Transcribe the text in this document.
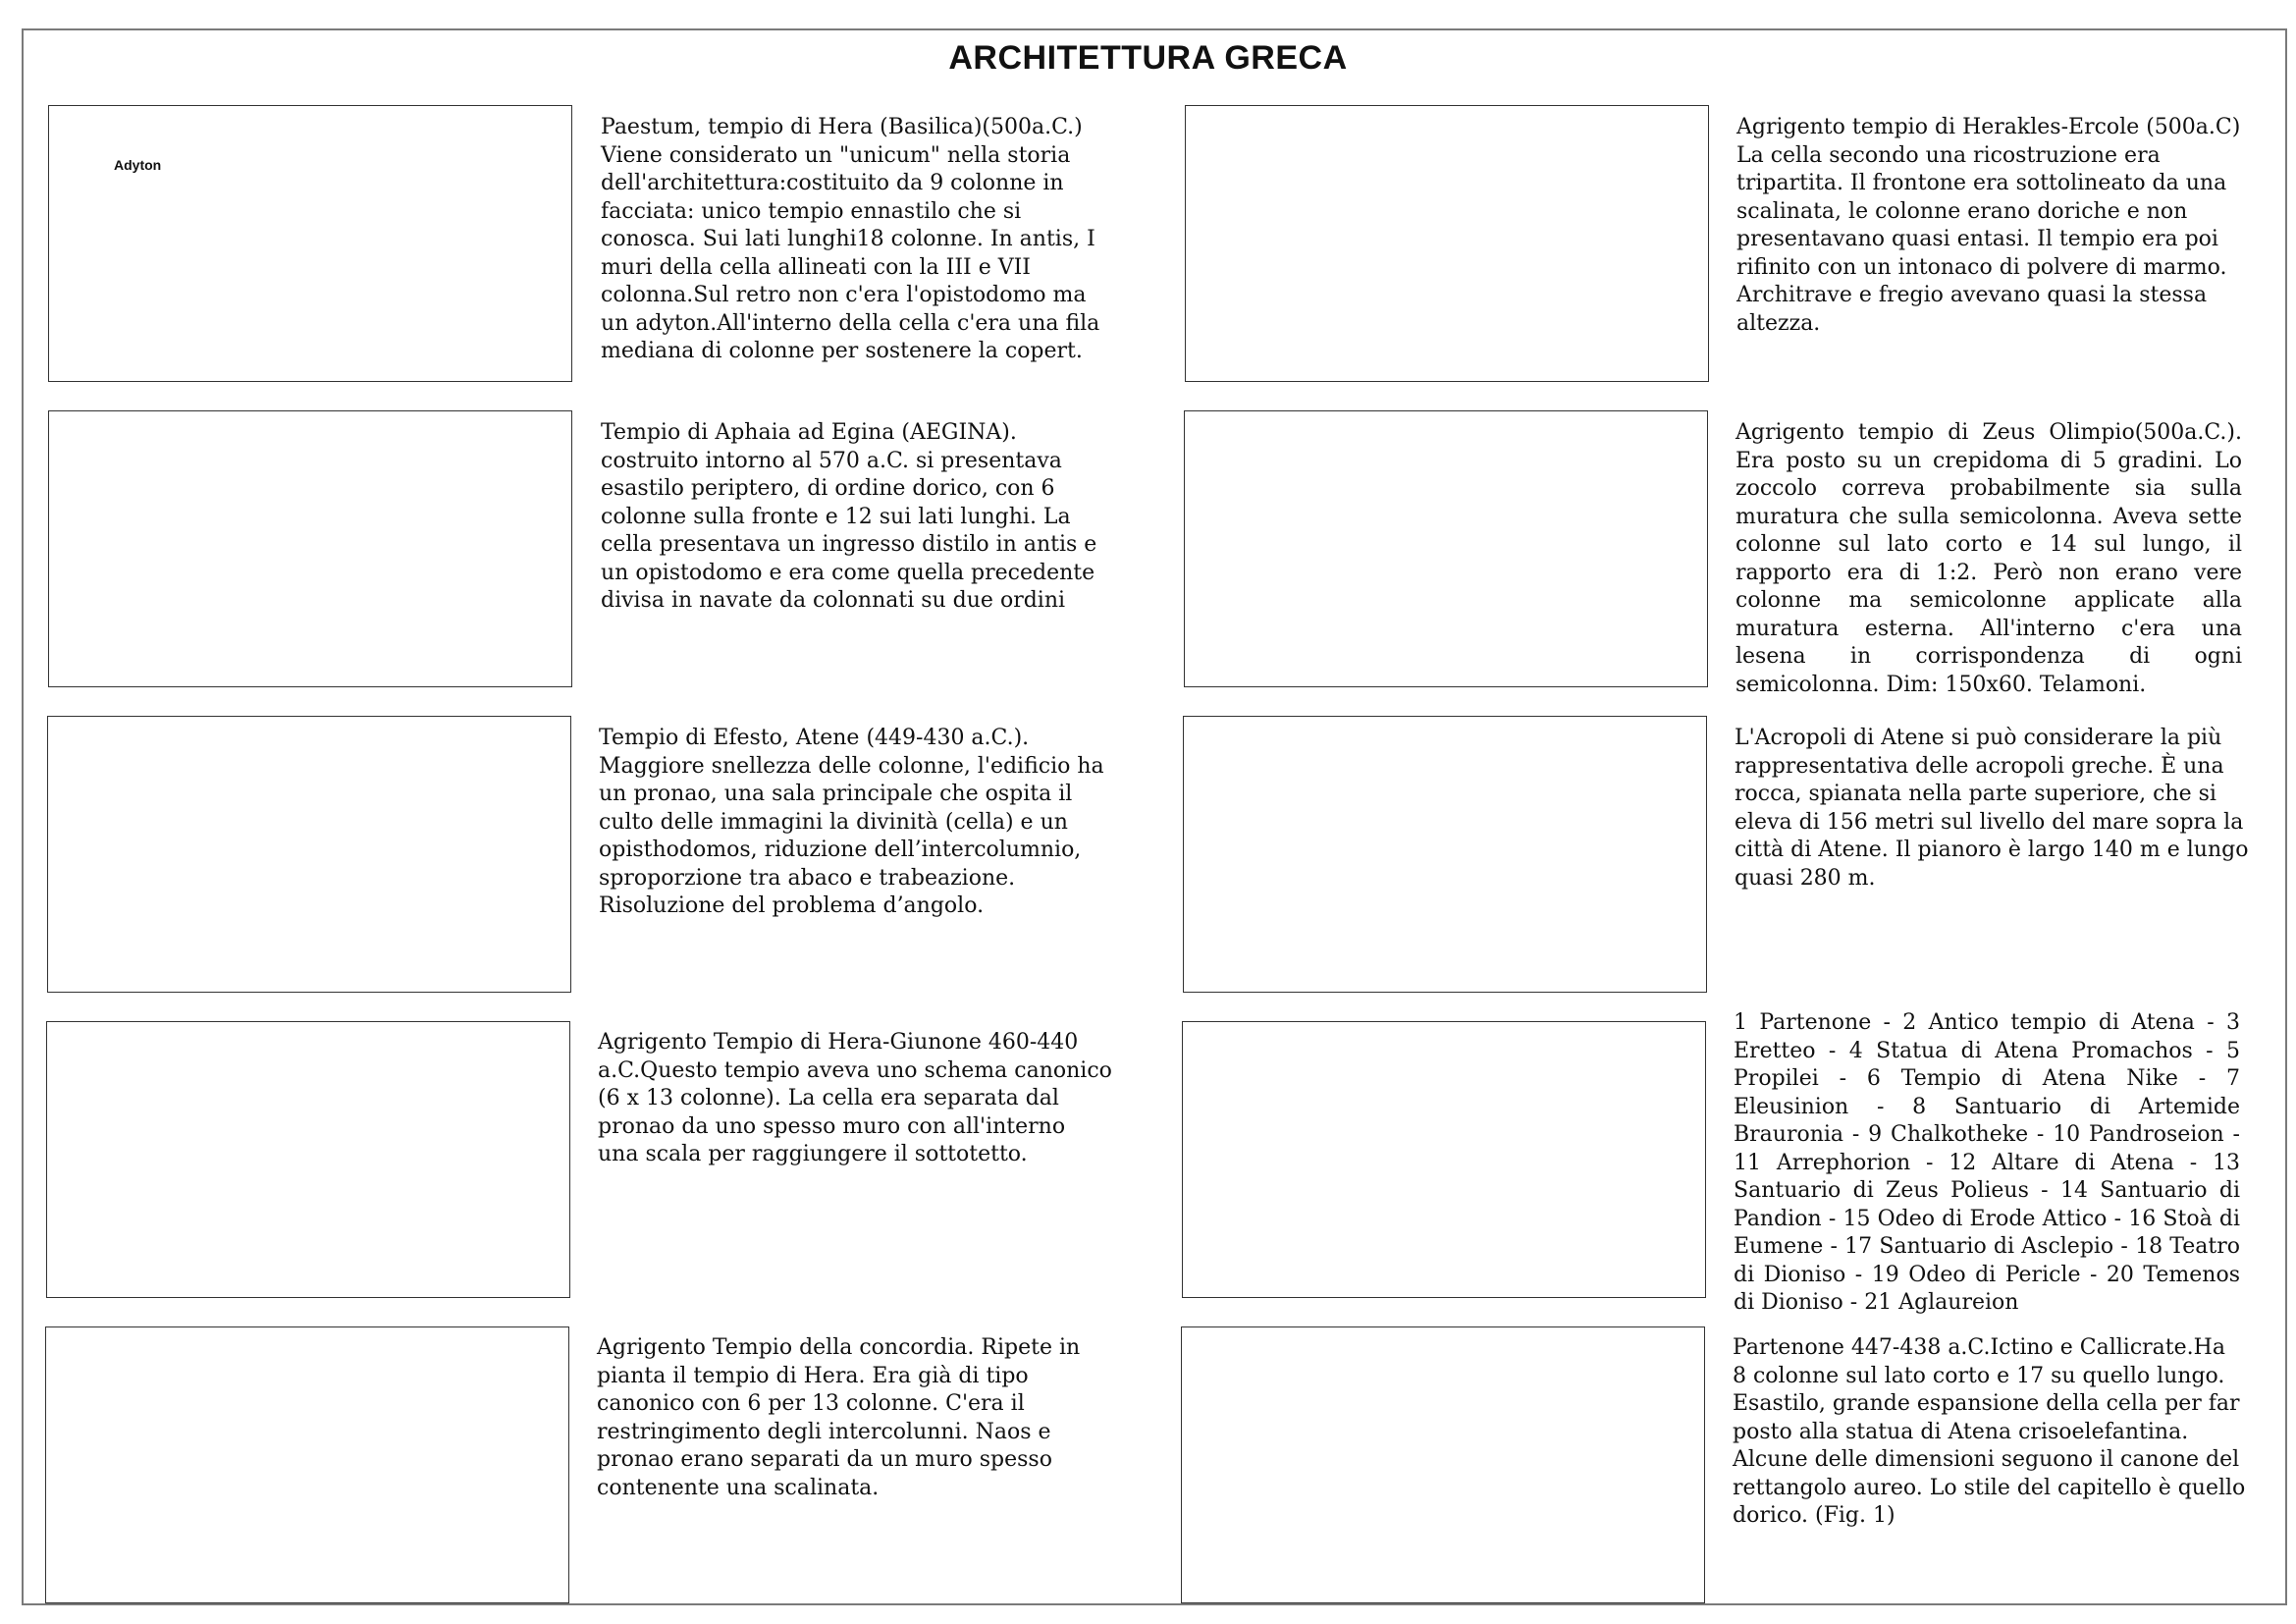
ARCHITETTURA GRECA
Adyton
Paestum, tempio di Hera (Basilica)(500a.C.)
Viene considerato un "unicum" nella storia
dell'architettura:costituito da 9 colonne in
facciata: unico tempio ennastilo che si
conosca. Sui lati lunghi18 colonne. In antis, I
muri della cella allineati con la III e VII
colonna.Sul retro non c'era l'opistodomo ma
un adyton.All'interno della cella c'era una fila
mediana di colonne per sostenere la copert.
Agrigento tempio di Herakles-Ercole (500a.C)
La cella secondo una ricostruzione era
tripartita. Il frontone era sottolineato da una
scalinata, le colonne erano doriche e non
presentavano quasi entasi. Il tempio era poi
rifinito con un intonaco di polvere di marmo.
Architrave e fregio avevano quasi la stessa
altezza.
Tempio di Aphaia ad Egina (AEGINA).
costruito intorno al 570 a.C. si presentava
esastilo periptero, di ordine dorico, con 6
colonne sulla fronte e 12 sui lati lunghi. La
cella presentava un ingresso distilo in antis e
un opistodomo e era come quella precedente
divisa in navate da colonnati su due ordini
Agrigento tempio di Zeus Olimpio(500a.C.). Era posto su un crepidoma di 5 gradini. Lo zoccolo correva probabilmente sia sulla muratura che sulla semicolonna. Aveva sette colonne sul lato corto e 14 sul lungo, il rapporto era di 1:2. Però non erano vere colonne ma semicolonne applicate alla muratura esterna. All'interno c'era una lesena in corrispondenza di ogni semicolonna. Dim: 150x60. Telamoni.
Tempio di Efesto, Atene (449-430 a.C.).
Maggiore snellezza delle colonne, l'edificio ha
un pronao, una sala principale che ospita il
culto delle immagini la divinità (cella) e un
opisthodomos, riduzione dell’intercolumnio,
sproporzione tra abaco e trabeazione.
Risoluzione del problema d’angolo.
L'Acropoli di Atene si può considerare la più
rappresentativa delle acropoli greche. È una
rocca, spianata nella parte superiore, che si
eleva di 156 metri sul livello del mare sopra la
città di Atene. Il pianoro è largo 140 m e lungo
quasi 280 m.
Agrigento Tempio di Hera-Giunone 460-440
a.C.Questo tempio aveva uno schema canonico
(6 x 13 colonne). La cella era separata dal
pronao da uno spesso muro con all'interno
una scala per raggiungere il sottotetto.
1 Partenone - 2 Antico tempio di Atena - 3 Eretteo - 4 Statua di Atena Promachos - 5 Propilei - 6 Tempio di Atena Nike - 7 Eleusinion - 8 Santuario di Artemide Brauronia - 9 Chalkotheke - 10 Pandroseion - 11 Arrephorion - 12 Altare di Atena - 13 Santuario di Zeus Polieus - 14 Santuario di Pandion - 15 Odeo di Erode Attico - 16 Stoà di Eumene - 17 Santuario di Asclepio - 18 Teatro di Dioniso - 19 Odeo di Pericle - 20 Temenos di Dioniso - 21 Aglaureion
Agrigento Tempio della concordia. Ripete in
pianta il tempio di Hera. Era già di tipo
canonico con 6 per 13 colonne. C'era il
restringimento degli intercolunni. Naos e
pronao erano separati da un muro spesso
contenente una scalinata.
Partenone 447-438 a.C.Ictino e Callicrate.Ha
8 colonne sul lato corto e 17 su quello lungo.
Esastilo, grande espansione della cella per far
posto alla statua di Atena crisoelefantina.
Alcune delle dimensioni seguono il canone del
rettangolo aureo. Lo stile del capitello è quello
dorico. (Fig. 1)
